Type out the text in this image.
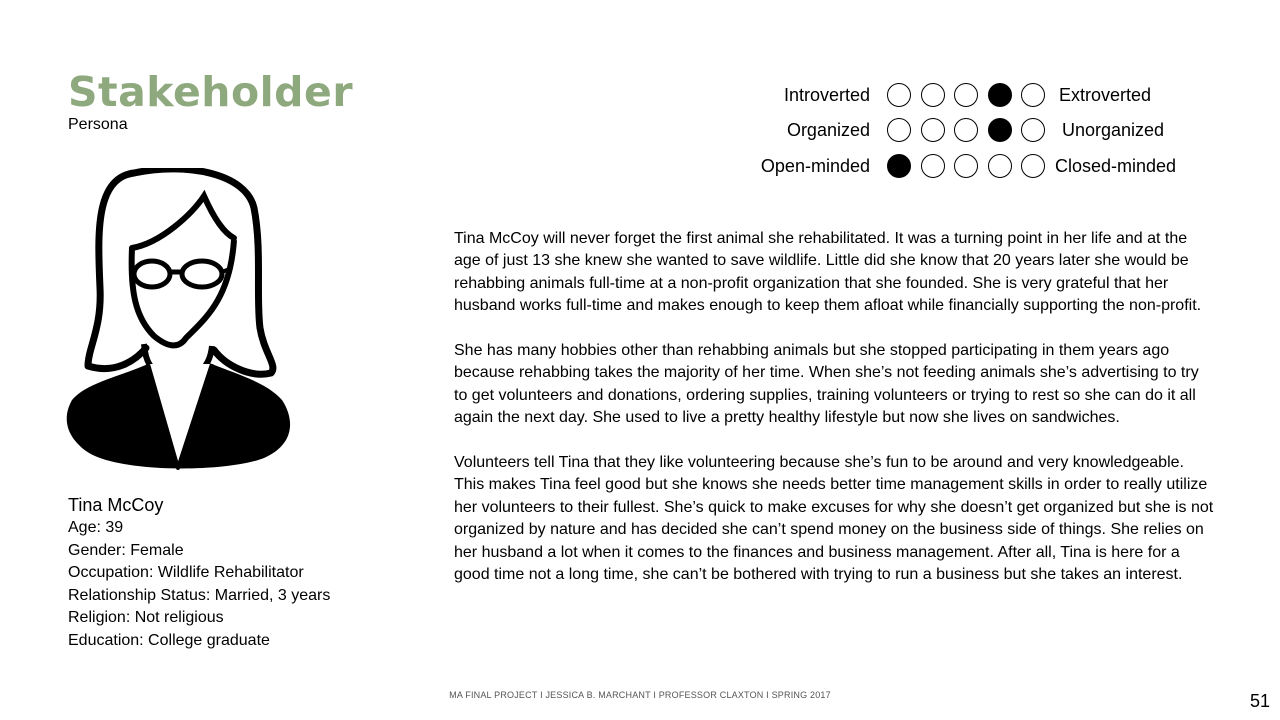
Stakeholder
Persona
Tina McCoy
Age: 39
Gender: Female
Occupation: Wildlife Rehabilitator
Relationship Status: Married, 3 years
Religion: Not religious
Education: College graduate
Introverted	Extroverted
Organized	Unorganized
Open-minded	Closed-minded

Tina McCoy will never forget the first animal she rehabilitated. It was a turning point in her life and at the age of just 13 she knew she wanted to save wildlife. Little did she know that 20 years later she would be rehabbing animals full-time at a non-profit organization that she founded. She is very grateful that her husband works full-time and makes enough to keep them afloat while financially supporting the non-profit.

She has many hobbies other than rehabbing animals but she stopped participating in them years ago because rehabbing takes the majority of her time. When she’s not feeding animals she’s advertising to try to get volunteers and donations, ordering supplies, training volunteers or trying to rest so she can do it all again the next day. She used to live a pretty healthy lifestyle but now she lives on sandwiches.

Volunteers tell Tina that they like volunteering because she’s fun to be around and very knowledgeable. This makes Tina feel good but she knows she needs better time management skills in order to really utilize her volunteers to their fullest. She’s quick to make excuses for why she doesn’t get organized but she is not organized by nature and has decided she can’t spend money on the business side of things. She relies on her husband a lot when it comes to the finances and business management. After all, Tina is here for a good time not a long time, she can’t be bothered with trying to run a business but she takes an interest.

MA FINAL PROJECT I JESSICA B. MARCHANT I PROFESSOR CLAXTON I SPRING 2017	51
